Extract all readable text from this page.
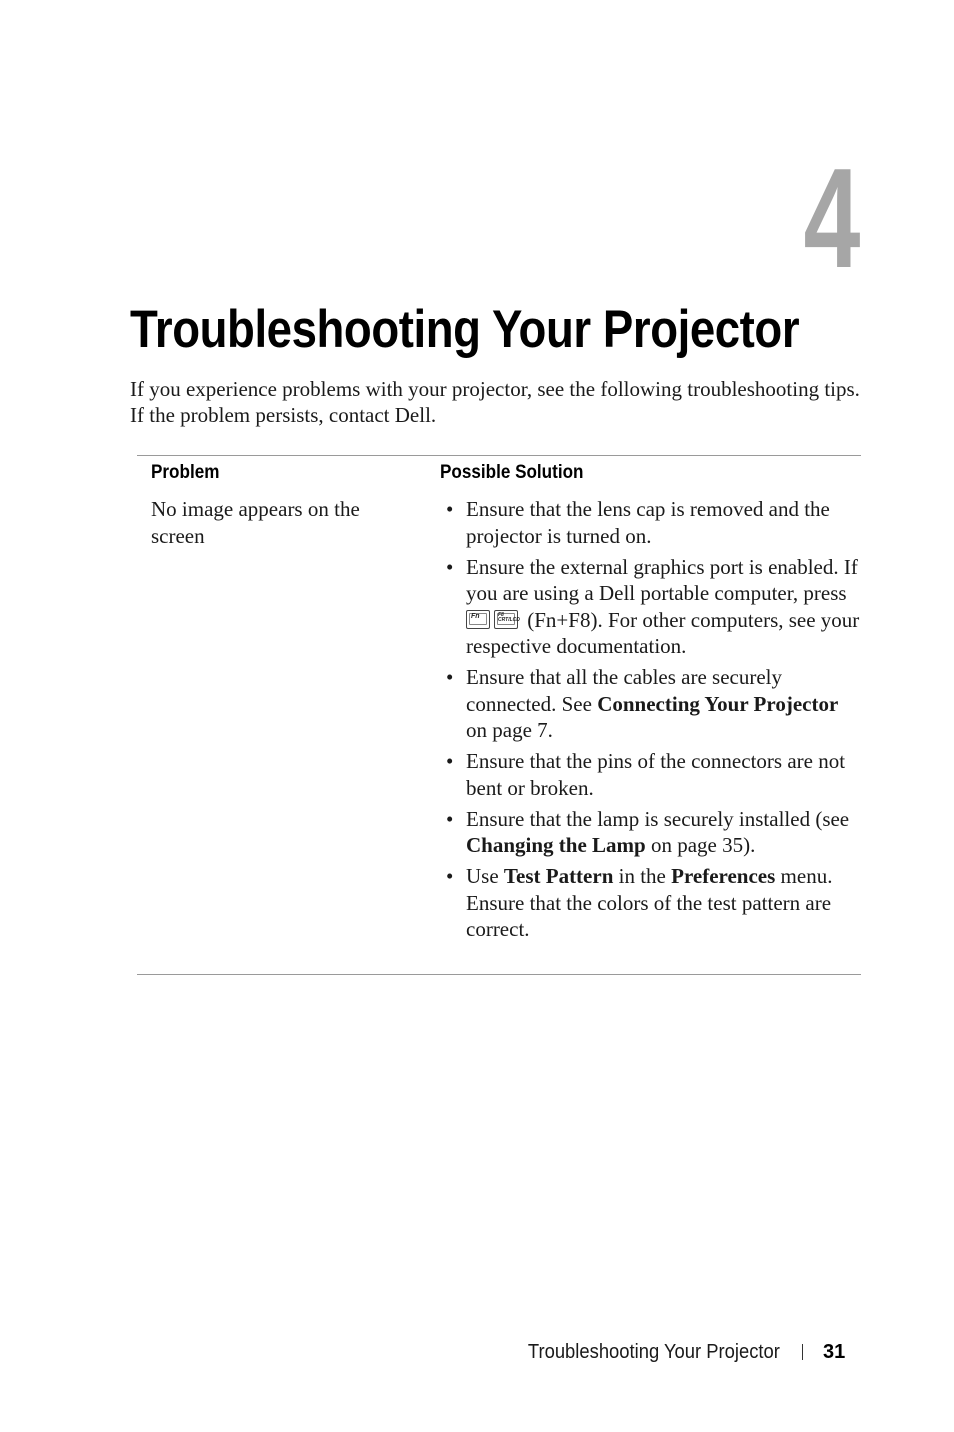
4
Troubleshooting Your Projector

If you experience problems with your projector, see the following troubleshooting tips. If the problem persists, contact Dell.

Problem	Possible Solution
No image appears on the screen
• Ensure that the lens cap is removed and the projector is turned on.
• Ensure the external graphics port is enabled. If you are using a Dell portable computer, press
Fn	F8
CRT/LCD (Fn+F8). For other computers, see your respective documentation.
• Ensure that all the cables are securely connected. See Connecting Your Projector on page 7.
• Ensure that the pins of the connectors are not bent or broken.
• Ensure that the lamp is securely installed (see Changing the Lamp on page 35).
• Use Test Pattern in the Preferences menu. Ensure that the colors of the test pattern are correct.
Troubleshooting Your Projector 31
